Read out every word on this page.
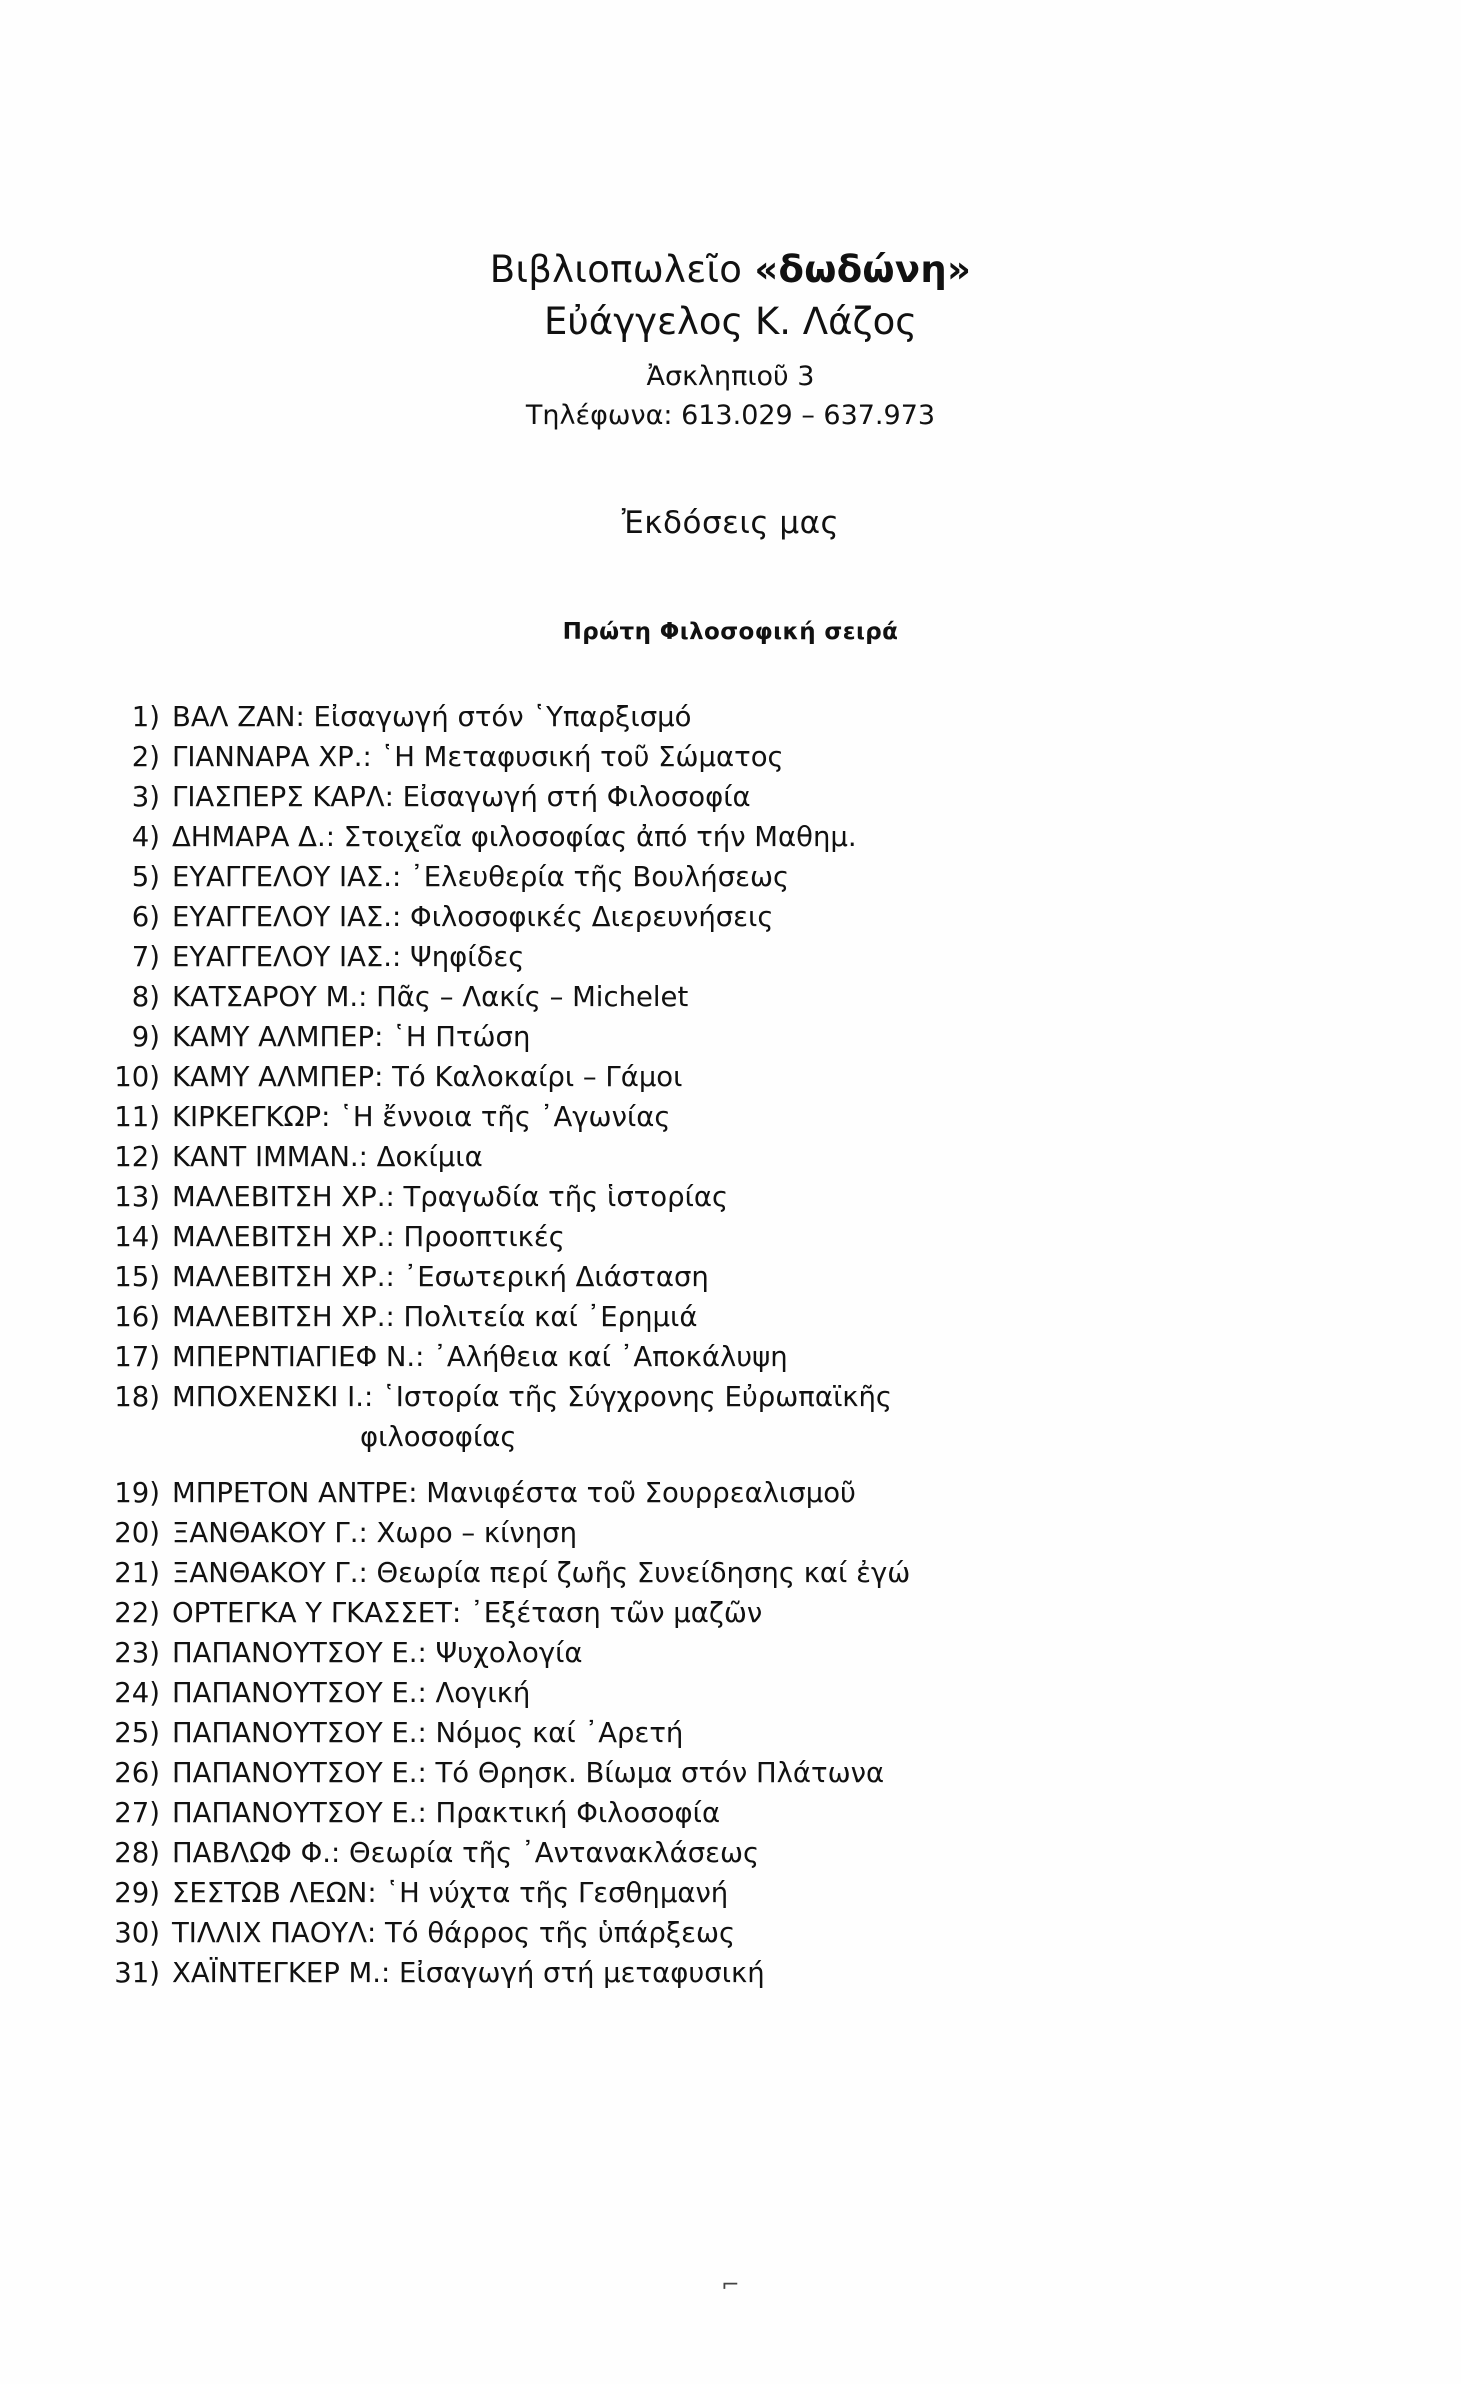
Βιβλιοπωλεῖο «δωδώνη»
Εὐάγγελος Κ. Λάζος
Ἀσκληπιοῦ 3
Τηλέφωνα: 613.029 – 637.973
Ἐκδόσεις μας
Πρώτη Φιλοσοφική σειρά
1) ΒΑΛ ΖΑΝ: Εἰσαγωγή στόν ῾Υπαρξισμό
2) ΓΙΑΝΝΑΡΑ ΧΡ.: ῾Η Μεταφυσική τοῦ Σώματος
3) ΓΙΑΣΠΕΡΣ ΚΑΡΛ: Εἰσαγωγή στή Φιλοσοφία
4) ΔΗΜΑΡΑ Δ.: Στοιχεῖα φιλοσοφίας ἀπό τήν Μαθημ.
5) ΕΥΑΓΓΕΛΟΥ ΙΑΣ.: ᾿Ελευθερία τῆς Βουλήσεως
6) ΕΥΑΓΓΕΛΟΥ ΙΑΣ.: Φιλοσοφικές Διερευνήσεις
7) ΕΥΑΓΓΕΛΟΥ ΙΑΣ.: Ψηφίδες
8) ΚΑΤΣΑΡΟΥ Μ.: Πᾶς – Λακίς – Michelet
9) ΚΑΜΥ ΑΛΜΠΕΡ: ῾Η Πτώση
10) ΚΑΜΥ ΑΛΜΠΕΡ: Τό Καλοκαίρι – Γάμοι
11) ΚΙΡΚΕΓΚΩΡ: ῾Η ἔννοια τῆς ᾿Αγωνίας
12) ΚΑΝΤ ΙΜΜΑΝ.: Δοκίμια
13) ΜΑΛΕΒΙΤΣΗ ΧΡ.: Τραγωδία τῆς ἱστορίας
14) ΜΑΛΕΒΙΤΣΗ ΧΡ.: Προοπτικές
15) ΜΑΛΕΒΙΤΣΗ ΧΡ.: ᾿Εσωτερική Διάσταση
16) ΜΑΛΕΒΙΤΣΗ ΧΡ.: Πολιτεία καί ᾿Ερημιά
17) ΜΠΕΡΝΤΙΑΓΙΕΦ Ν.: ᾿Αλήθεια καί ᾿Αποκάλυψη
18) ΜΠΟΧΕΝΣΚΙ Ι.: ῾Ιστορία τῆς Σύγχρονης Εὐρωπαϊκῆς
φιλοσοφίας
19) ΜΠΡΕΤΟΝ ΑΝΤΡΕ: Μανιφέστα τοῦ Σουρρεαλισμοῦ
20) ΞΑΝΘΑΚΟΥ Γ.: Χωρο – κίνηση
21) ΞΑΝΘΑΚΟΥ Γ.: Θεωρία περί ζωῆς Συνείδησης καί ἐγώ
22) ΟΡΤΕΓΚΑ Υ ΓΚΑΣΣΕΤ: ᾿Εξέταση τῶν μαζῶν
23) ΠΑΠΑΝΟΥΤΣΟΥ Ε.: Ψυχολογία
24) ΠΑΠΑΝΟΥΤΣΟΥ Ε.: Λογική
25) ΠΑΠΑΝΟΥΤΣΟΥ Ε.: Νόμος καί ᾿Αρετή
26) ΠΑΠΑΝΟΥΤΣΟΥ Ε.: Τό Θρησκ. Βίωμα στόν Πλάτωνα
27) ΠΑΠΑΝΟΥΤΣΟΥ Ε.: Πρακτική Φιλοσοφία
28) ΠΑΒΛΩΦ Φ.: Θεωρία τῆς ᾿Αντανακλάσεως
29) ΣΕΣΤΩΒ ΛΕΩΝ: ῾Η νύχτα τῆς Γεσθημανή
30) ΤΙΛΛΙΧ ΠΑΟΥΛ: Τό θάρρος τῆς ὑπάρξεως
31) ΧΑΪΝΤΕΓΚΕΡ Μ.: Εἰσαγωγή στή μεταφυσική
⌐
